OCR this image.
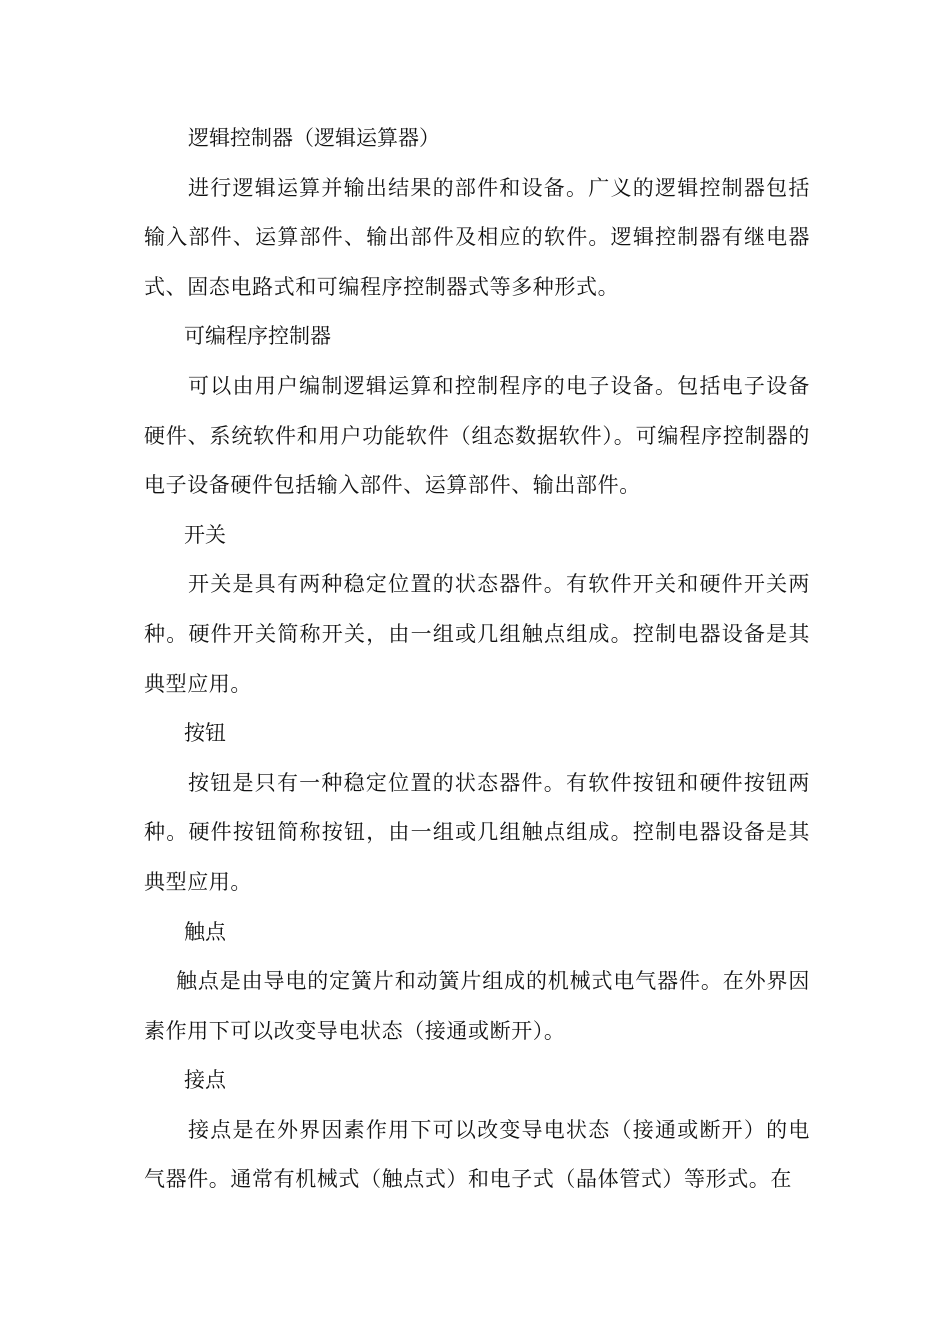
逻辑控制器（逻辑运算器）

进行逻辑运算并输出结果的部件和设备。广义的逻辑控制器包括输入部件、运算部件、输出部件及相应的软件。逻辑控制器有继电器式、固态电路式和可编程序控制器式等多种形式。

可编程序控制器

可以由用户编制逻辑运算和控制程序的电子设备。包括电子设备硬件、系统软件和用户功能软件（组态数据软件）。可编程序控制器的电子设备硬件包括输入部件、运算部件、输出部件。

开关

开关是具有两种稳定位置的状态器件。有软件开关和硬件开关两种。硬件开关简称开关，由一组或几组触点组成。控制电器设备是其典型应用。

按钮

按钮是只有一种稳定位置的状态器件。有软件按钮和硬件按钮两种。硬件按钮简称按钮，由一组或几组触点组成。控制电器设备是其典型应用。

触点

触点是由导电的定簧片和动簧片组成的机械式电气器件。在外界因素作用下可以改变导电状态（接通或断开）。

接点

接点是在外界因素作用下可以改变导电状态（接通或断开）的电气器件。通常有机械式（触点式）和电子式（晶体管式）等形式。在
